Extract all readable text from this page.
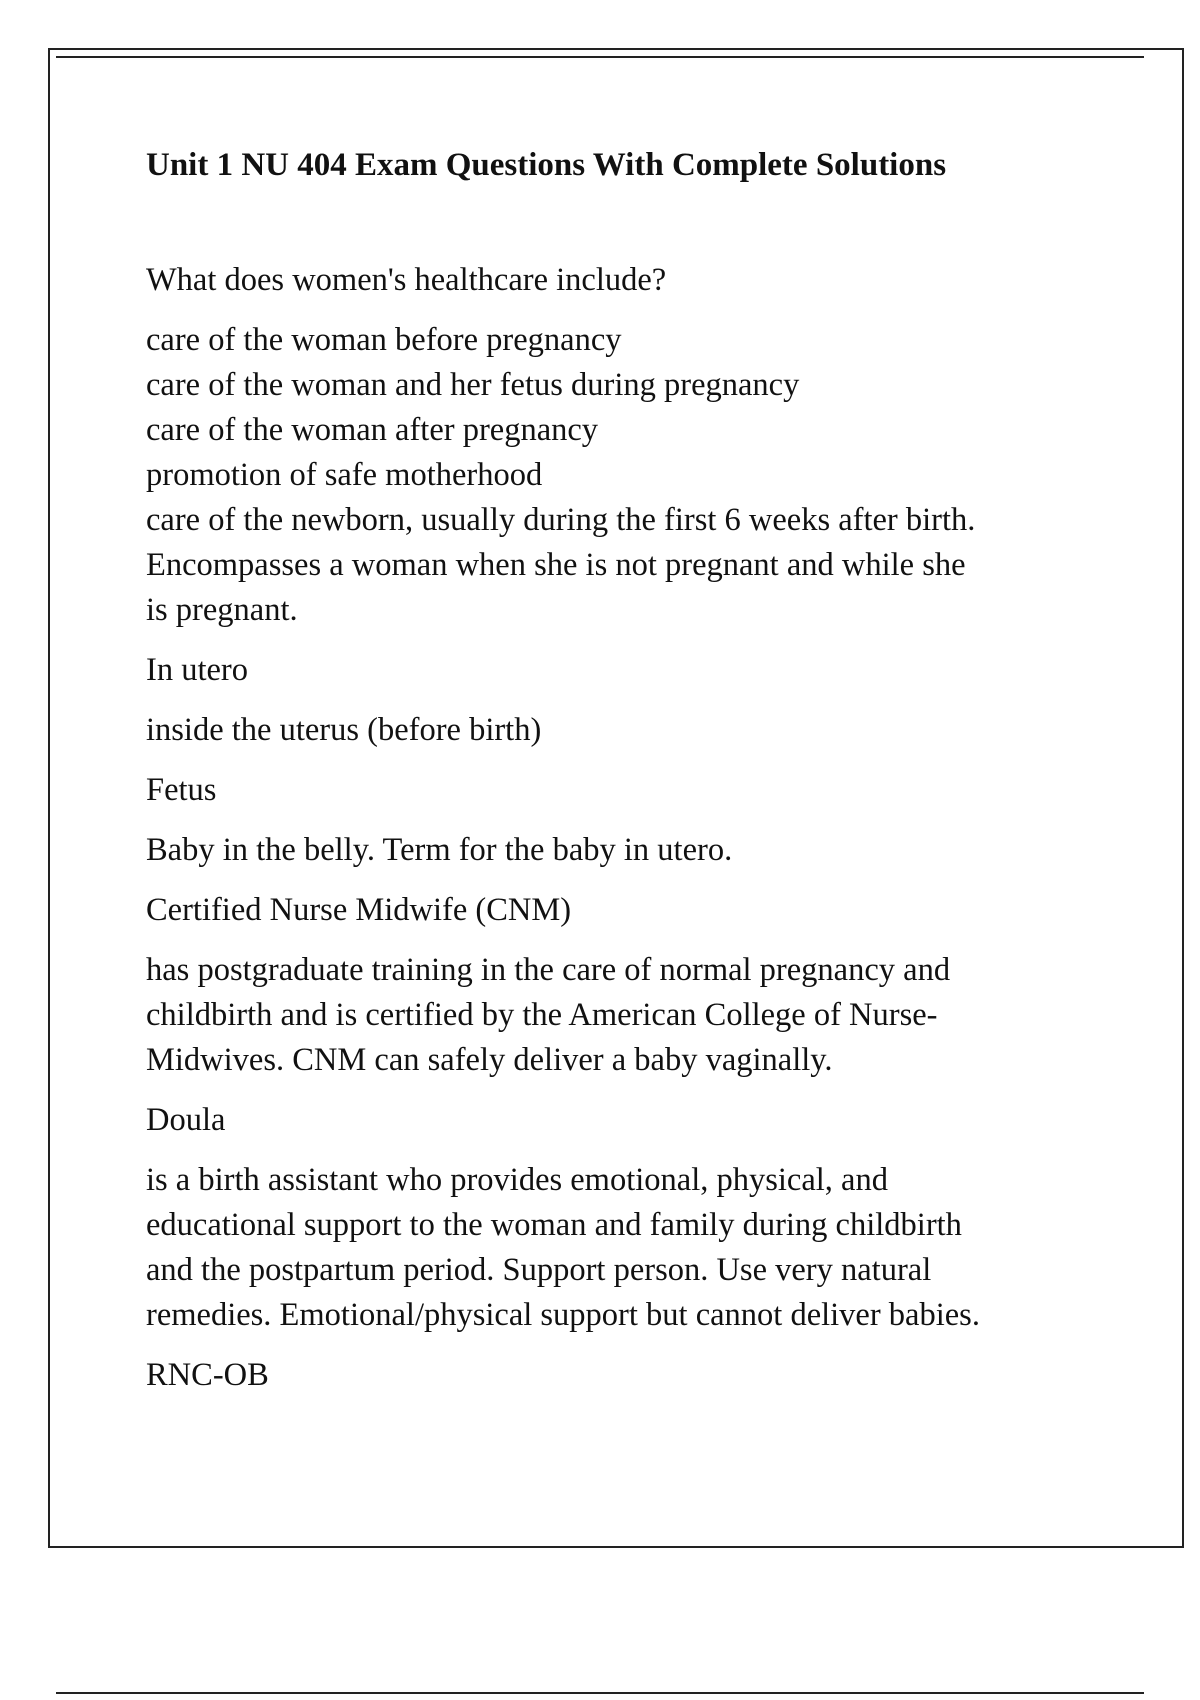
Unit 1 NU 404 Exam Questions With Complete Solutions

What does women's healthcare include?

care of the woman before pregnancy
care of the woman and her fetus during pregnancy
care of the woman after pregnancy
promotion of safe motherhood
care of the newborn, usually during the first 6 weeks after birth.
Encompasses a woman when she is not pregnant and while she
is pregnant.

In utero

inside the uterus (before birth)

Fetus

Baby in the belly. Term for the baby in utero.

Certified Nurse Midwife (CNM)

has postgraduate training in the care of normal pregnancy and
childbirth and is certified by the American College of Nurse-
Midwives. CNM can safely deliver a baby vaginally.

Doula

is a birth assistant who provides emotional, physical, and
educational support to the woman and family during childbirth
and the postpartum period. Support person. Use very natural
remedies. Emotional/physical support but cannot deliver babies.

RNC-OB
